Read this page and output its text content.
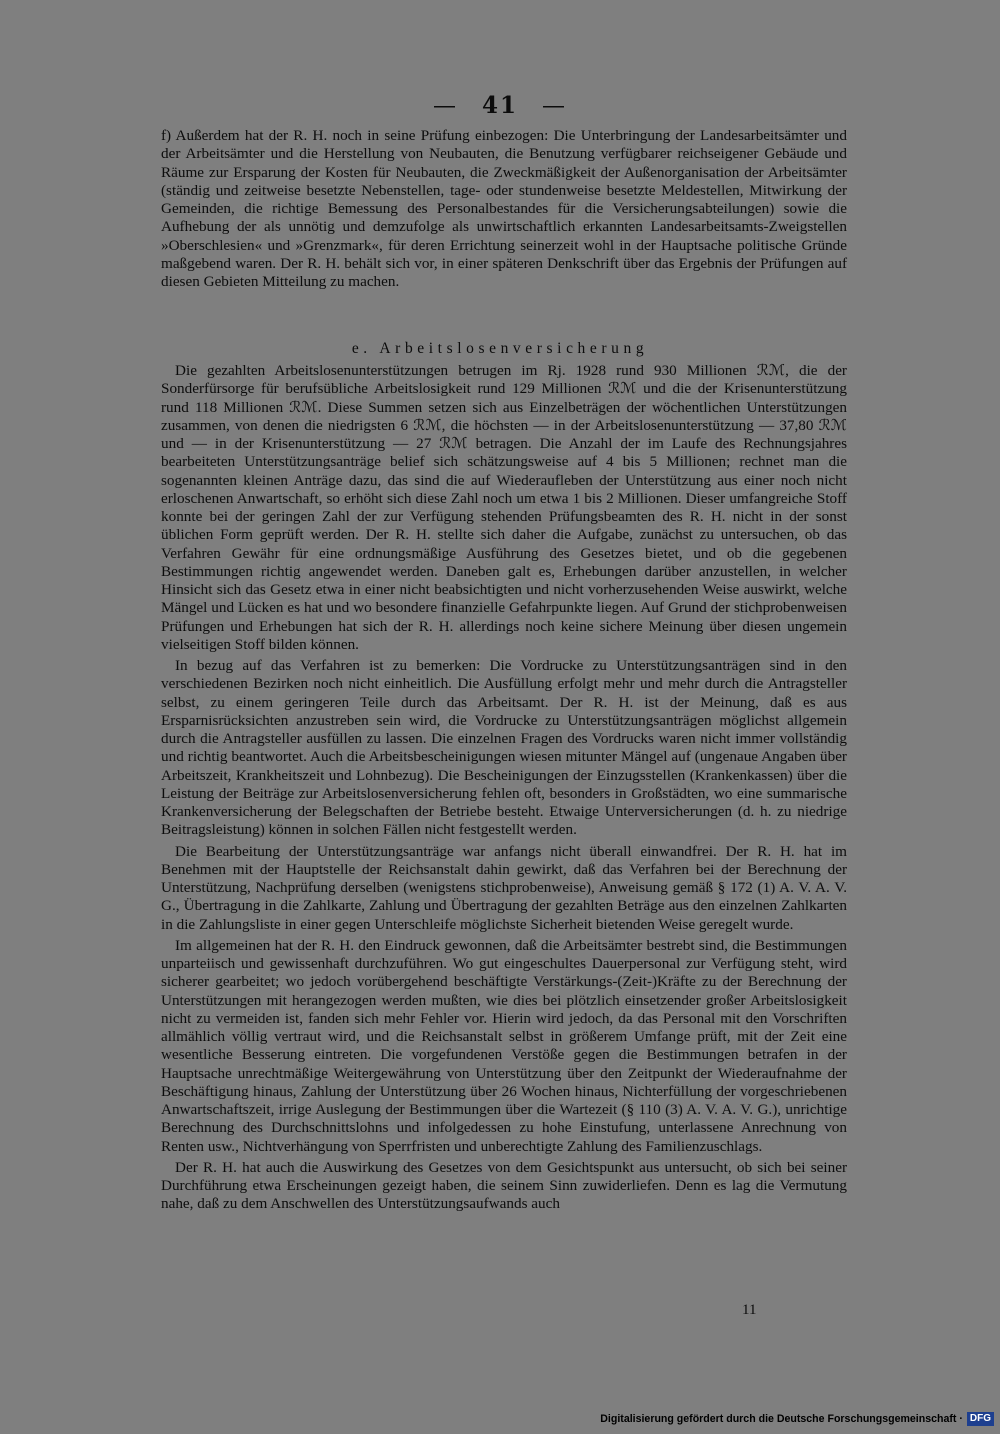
— 41 —

f) Außerdem hat der R. H. noch in seine Prüfung einbezogen: Die Unterbringung der Landesarbeitsämter und der Arbeitsämter und die Herstellung von Neubauten, die Benutzung verfügbarer reichseigener Gebäude und Räume zur Ersparung der Kosten für Neubauten, die Zweckmäßigkeit der Außenorganisation der Arbeitsämter (ständig und zeitweise besetzte Nebenstellen, tage- oder stundenweise besetzte Meldestellen, Mitwirkung der Gemeinden, die richtige Bemessung des Personalbestandes für die Versicherungsabteilungen) sowie die Aufhebung der als unnötig und demzufolge als unwirtschaftlich erkannten Landesarbeitsamts-Zweigstellen »Oberschlesien« und »Grenzmark«, für deren Errichtung seinerzeit wohl in der Hauptsache politische Gründe maßgebend waren. Der R. H. behält sich vor, in einer späteren Denkschrift über das Ergebnis der Prüfungen auf diesen Gebieten Mitteilung zu machen.

e. Arbeitslosenversicherung

Die gezahlten Arbeitslosenunterstützungen betrugen im Rj. 1928 rund 930 Millionen ℛℳ, die der Sonderfürsorge für berufsübliche Arbeitslosigkeit rund 129 Millionen ℛℳ und die der Krisenunterstützung rund 118 Millionen ℛℳ. Diese Summen setzen sich aus Einzelbeträgen der wöchentlichen Unterstützungen zusammen, von denen die niedrigsten 6 ℛℳ, die höchsten — in der Arbeitslosenunterstützung — 37,80 ℛℳ und — in der Krisenunterstützung — 27 ℛℳ betragen. Die Anzahl der im Laufe des Rechnungsjahres bearbeiteten Unterstützungsanträge belief sich schätzungsweise auf 4 bis 5 Millionen; rechnet man die sogenannten kleinen Anträge dazu, das sind die auf Wiederaufleben der Unterstützung aus einer noch nicht erloschenen Anwartschaft, so erhöht sich diese Zahl noch um etwa 1 bis 2 Millionen. Dieser umfangreiche Stoff konnte bei der geringen Zahl der zur Verfügung stehenden Prüfungsbeamten des R. H. nicht in der sonst üblichen Form geprüft werden. Der R. H. stellte sich daher die Aufgabe, zunächst zu untersuchen, ob das Verfahren Gewähr für eine ordnungsmäßige Ausführung des Gesetzes bietet, und ob die gegebenen Bestimmungen richtig angewendet werden. Daneben galt es, Erhebungen darüber anzustellen, in welcher Hinsicht sich das Gesetz etwa in einer nicht beabsichtigten und nicht vorherzusehenden Weise auswirkt, welche Mängel und Lücken es hat und wo besondere finanzielle Gefahrpunkte liegen. Auf Grund der stichprobenweisen Prüfungen und Erhebungen hat sich der R. H. allerdings noch keine sichere Meinung über diesen ungemein vielseitigen Stoff bilden können.

In bezug auf das Verfahren ist zu bemerken: Die Vordrucke zu Unterstützungsanträgen sind in den verschiedenen Bezirken noch nicht einheitlich. Die Ausfüllung erfolgt mehr und mehr durch die Antragsteller selbst, zu einem geringeren Teile durch das Arbeitsamt. Der R. H. ist der Meinung, daß es aus Ersparnisrücksichten anzustreben sein wird, die Vordrucke zu Unterstützungsanträgen möglichst allgemein durch die Antragsteller ausfüllen zu lassen. Die einzelnen Fragen des Vordrucks waren nicht immer vollständig und richtig beantwortet. Auch die Arbeitsbescheinigungen wiesen mitunter Mängel auf (ungenaue Angaben über Arbeitszeit, Krankheitszeit und Lohnbezug). Die Bescheinigungen der Einzugsstellen (Krankenkassen) über die Leistung der Beiträge zur Arbeitslosenversicherung fehlen oft, besonders in Großstädten, wo eine summarische Krankenversicherung der Belegschaften der Betriebe besteht. Etwaige Unterversicherungen (d. h. zu niedrige Beitragsleistung) können in solchen Fällen nicht festgestellt werden.

Die Bearbeitung der Unterstützungsanträge war anfangs nicht überall einwandfrei. Der R. H. hat im Benehmen mit der Hauptstelle der Reichsanstalt dahin gewirkt, daß das Verfahren bei der Berechnung der Unterstützung, Nachprüfung derselben (wenigstens stichprobenweise), Anweisung gemäß § 172 (1) A. V. A. V. G., Übertragung in die Zahlkarte, Zahlung und Übertragung der gezahlten Beträge aus den einzelnen Zahlkarten in die Zahlungsliste in einer gegen Unterschleife möglichste Sicherheit bietenden Weise geregelt wurde.

Im allgemeinen hat der R. H. den Eindruck gewonnen, daß die Arbeitsämter bestrebt sind, die Bestimmungen unparteiisch und gewissenhaft durchzuführen. Wo gut eingeschultes Dauerpersonal zur Verfügung steht, wird sicherer gearbeitet; wo jedoch vorübergehend beschäftigte Verstärkungs-(Zeit-)Kräfte zu der Berechnung der Unterstützungen mit herangezogen werden mußten, wie dies bei plötzlich einsetzender großer Arbeitslosigkeit nicht zu vermeiden ist, fanden sich mehr Fehler vor. Hierin wird jedoch, da das Personal mit den Vorschriften allmählich völlig vertraut wird, und die Reichsanstalt selbst in größerem Umfange prüft, mit der Zeit eine wesentliche Besserung eintreten. Die vorgefundenen Verstöße gegen die Bestimmungen betrafen in der Hauptsache unrechtmäßige Weitergewährung von Unterstützung über den Zeitpunkt der Wiederaufnahme der Beschäftigung hinaus, Zahlung der Unterstützung über 26 Wochen hinaus, Nichterfüllung der vorgeschriebenen Anwartschaftszeit, irrige Auslegung der Bestimmungen über die Wartezeit (§ 110 (3) A. V. A. V. G.), unrichtige Berechnung des Durchschnittslohns und infolgedessen zu hohe Einstufung, unterlassene Anrechnung von Renten usw., Nichtverhängung von Sperrfristen und unberechtigte Zahlung des Familienzuschlags.

Der R. H. hat auch die Auswirkung des Gesetzes von dem Gesichtspunkt aus untersucht, ob sich bei seiner Durchführung etwa Erscheinungen gezeigt haben, die seinem Sinn zuwiderliefen. Denn es lag die Vermutung nahe, daß zu dem Anschwellen des Unterstützungsaufwands auch

11
Digitalisierung gefördert durch die Deutsche Forschungsgemeinschaft · DFG
